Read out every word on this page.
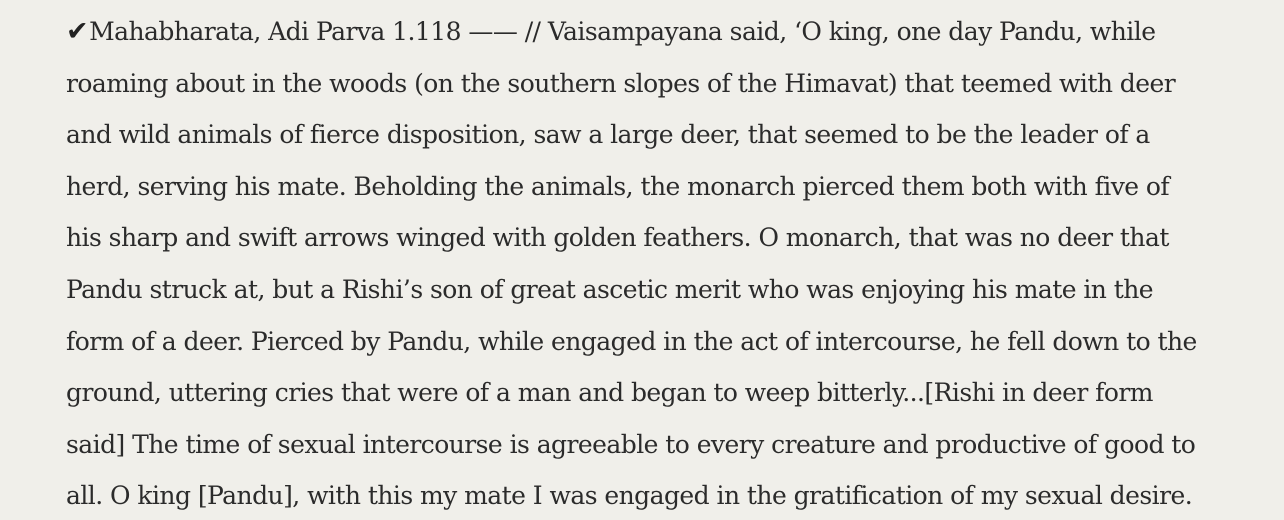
✔Mahabharata, Adi Parva 1.118 —— // Vaisampayana said, ‘O king, one day Pandu, while
roaming about in the woods (on the southern slopes of the Himavat) that teemed with deer
and wild animals of fierce disposition, saw a large deer, that seemed to be the leader of a
herd, serving his mate. Beholding the animals, the monarch pierced them both with five of
his sharp and swift arrows winged with golden feathers. O monarch, that was no deer that
Pandu struck at, but a Rishi’s son of great ascetic merit who was enjoying his mate in the
form of a deer. Pierced by Pandu, while engaged in the act of intercourse, he fell down to the
ground, uttering cries that were of a man and began to weep bitterly...[Rishi in deer form
said] The time of sexual intercourse is agreeable to every creature and productive of good to
all. O king [Pandu], with this my mate I was engaged in the gratification of my sexual desire.
